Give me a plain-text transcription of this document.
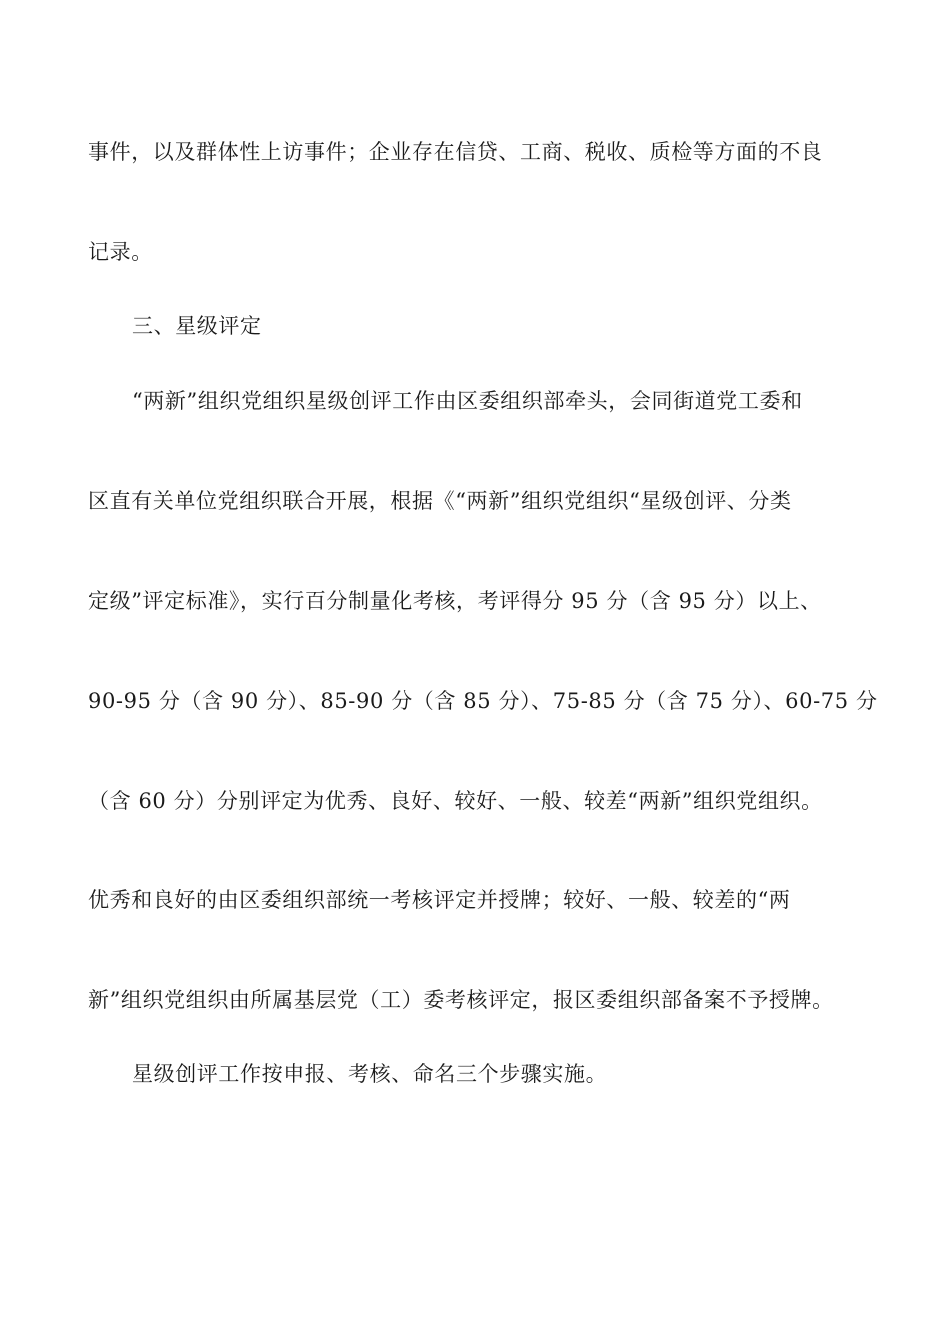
事件，以及群体性上访事件；企业存在信贷、工商、税收、质检等方面的不良
记录。
三、星级评定
“两新”组织党组织星级创评工作由区委组织部牵头，会同街道党工委和
区直有关单位党组织联合开展，根据《“两新”组织党组织“星级创评、分类
定级”评定标准》，实行百分制量化考核，考评得分 95 分（含 95 分）以上、
90-95 分（含 90 分）、85-90 分（含 85 分）、75-85 分（含 75 分）、60-75 分
（含 60 分）分别评定为优秀、良好、较好、一般、较差“两新”组织党组织。
优秀和良好的由区委组织部统一考核评定并授牌；较好、一般、较差的“两
新”组织党组织由所属基层党（工）委考核评定，报区委组织部备案不予授牌。
星级创评工作按申报、考核、命名三个步骤实施。
